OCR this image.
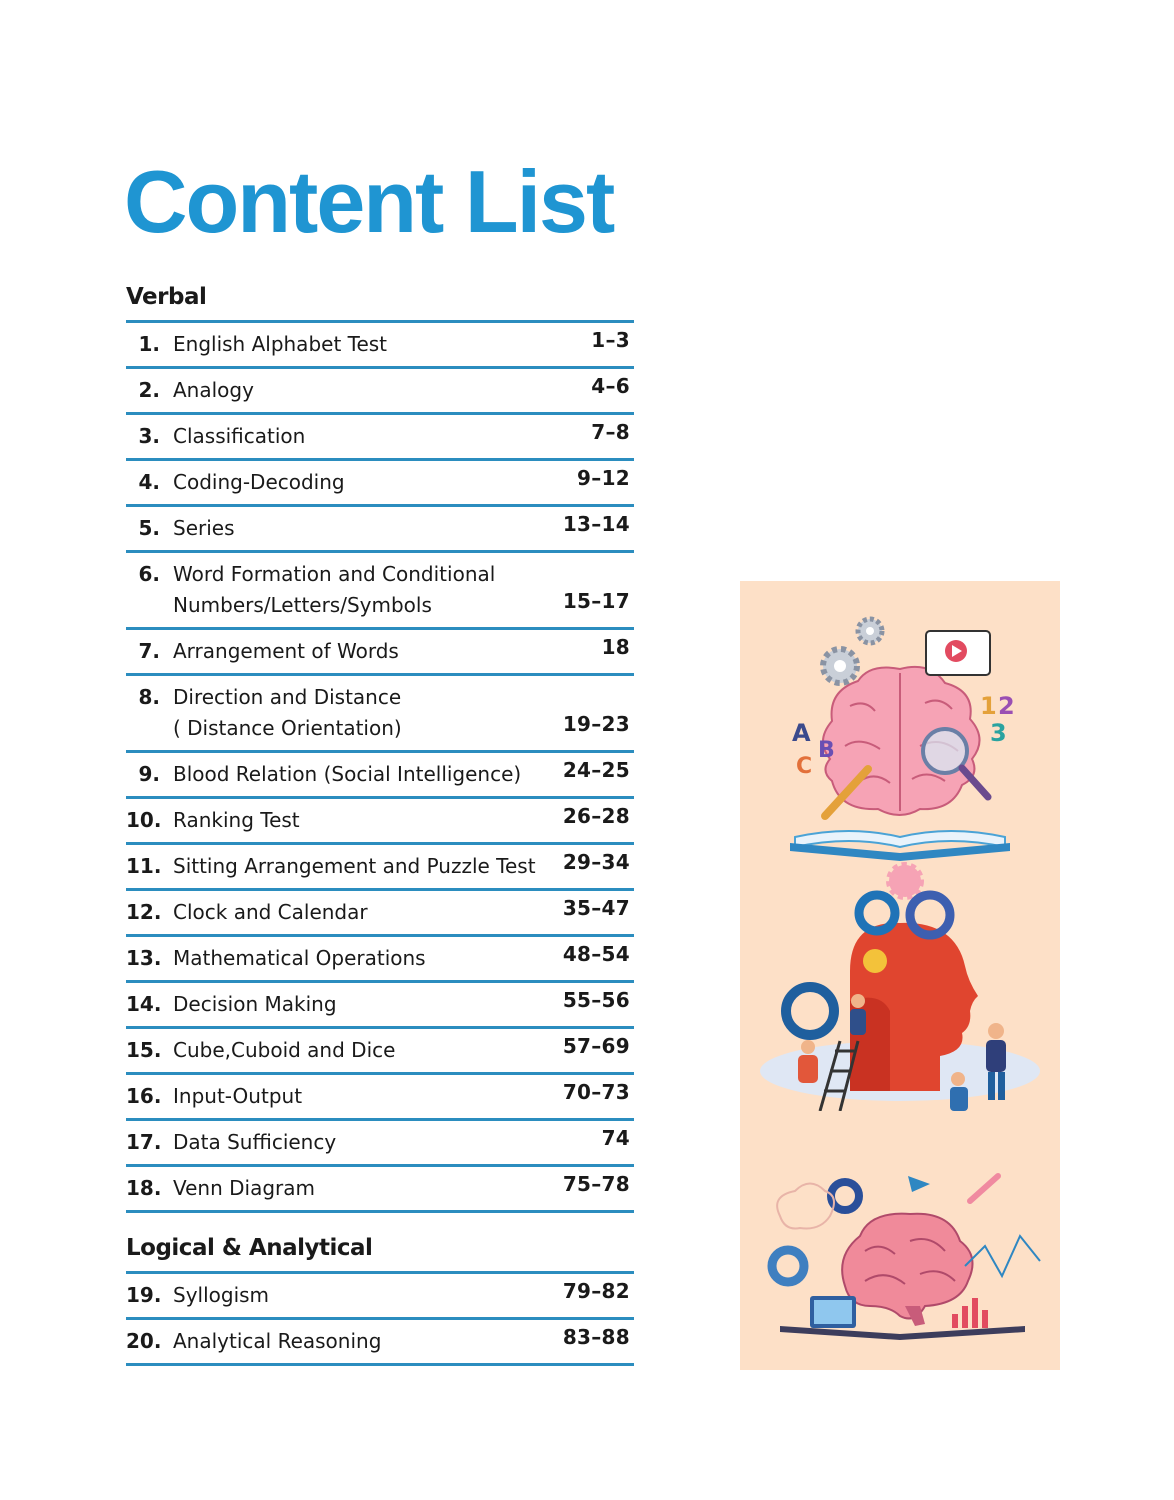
Content List
Verbal
1. English Alphabet Test	1–3
2. Analogy	4–6
3. Classification	7–8
4. Coding-Decoding	9–12
5. Series	13–14
6. Word Formation and Conditional
Numbers/Letters/Symbols	15–17
7. Arrangement of Words	18
8. Direction and Distance
( Distance Orientation)	19–23
9. Blood Relation (Social Intelligence)	24–25
10. Ranking Test	26–28
11. Sitting Arrangement and Puzzle Test	29–34
12. Clock and Calendar	35–47
13. Mathematical Operations	48–54
14. Decision Making	55–56
15. Cube,Cuboid and Dice	57–69
16. Input-Output	70–73
17. Data Sufficiency	74
18. Venn Diagram	75–78
Logical & Analytical
19. Syllogism	79–82
20. Analytical Reasoning	83–88
A
B
C
1 2
3
